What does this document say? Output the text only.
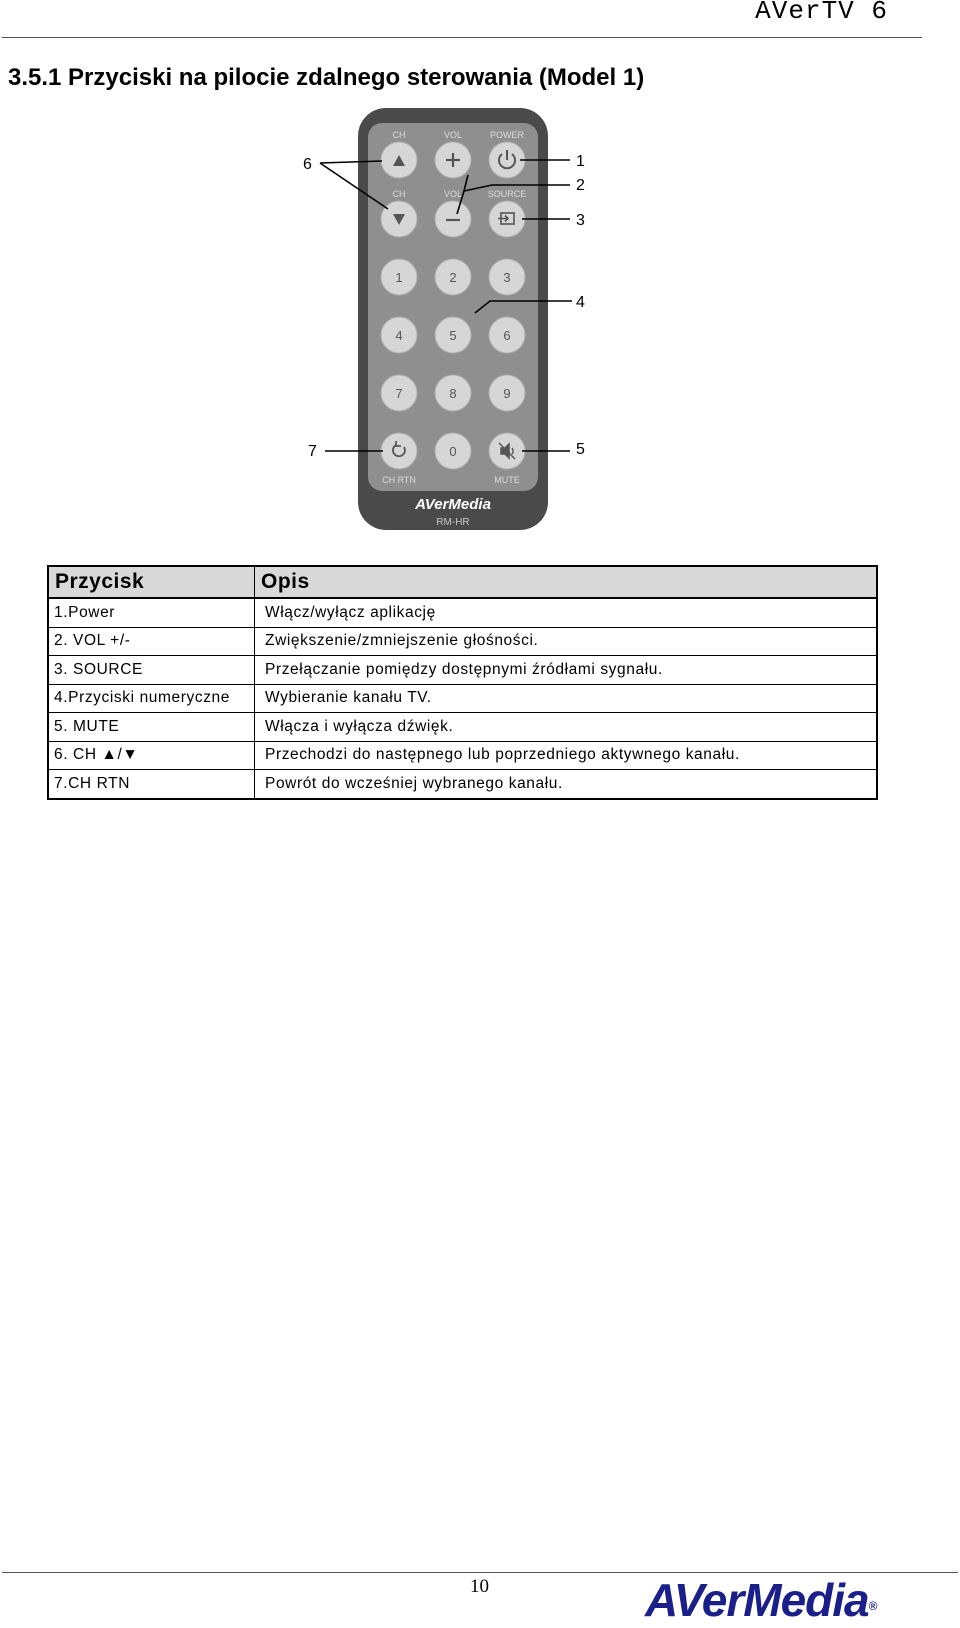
AVerTV 6
3.5.1 Przyciski na pilocie zdalnego sterowania (Model 1)
CH	VOL	POWER
CH	VOL	SOURCE
1	2	3
4	5	6
7	8	9
0
CH RTN	MUTE
AVerMedia
RM-HR
1
2
3
4
5
6
7
Przycisk	Opis
1.Power	Włącz/wyłącz aplikację
2. VOL +/-	Zwiększenie/zmniejszenie głośności.
3. SOURCE	Przełączanie pomiędzy dostępnymi źródłami sygnału.
4.Przyciski numeryczne	Wybieranie kanału TV.
5. MUTE	Włącza i wyłącza dźwięk.
6. CH ▲/▼	Przechodzi do następnego lub poprzedniego aktywnego kanału.
7.CH RTN	Powrót do wcześniej wybranego kanału.
10	AVerMedia®
